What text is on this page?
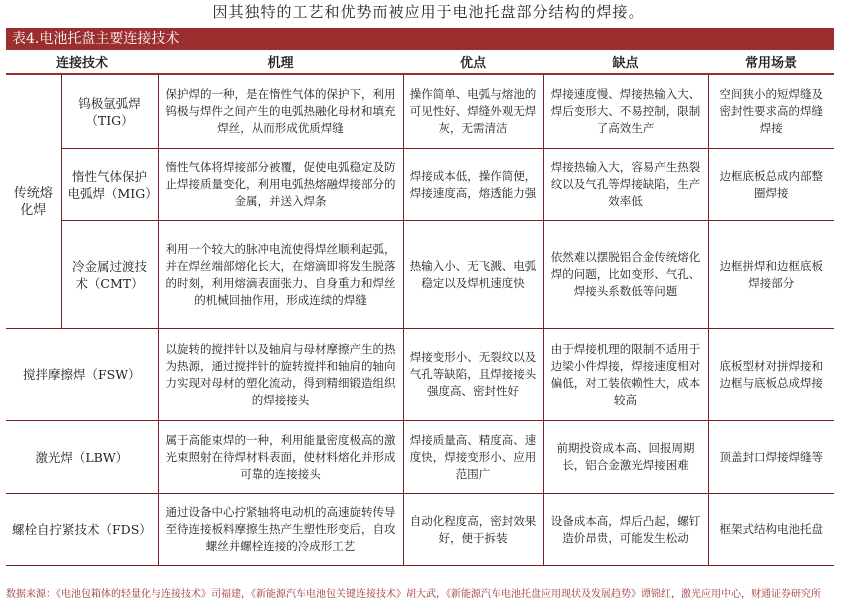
因其独特的工艺和优势而被应用于电池托盘部分结构的焊接。
表4.电池托盘主要连接技术
连接技术		机理	优点	缺点	常用场景
传统熔化焊	钨极氩弧焊（TIG）	保护焊的一种，是在惰性气体的保护下，利用钨极与焊件之间产生的电弧热融化母材和填充焊丝，从而形成优质焊缝	操作简单、电弧与熔池的可见性好、焊缝外观无焊灰，无需清洁	焊接速度慢、焊接热输入大、焊后变形大、不易控制，限制了高效生产	空间狭小的短焊缝及密封性要求高的焊缝焊接
	惰性气体保护电弧焊（MIG）	惰性气体将焊接部分被覆，促使电弧稳定及防止焊接质量变化，利用电弧热熔融焊接部分的金属，并送入焊条	焊接成本低，操作简便，焊接速度高，熔透能力强	焊接热输入大，容易产生热裂纹以及气孔等焊接缺陷，生产效率低	边框底板总成内部整圈焊接
	冷金属过渡技术（CMT）	利用一个较大的脉冲电流使得焊丝顺利起弧，并在焊丝端部熔化长大，在熔滴即将发生脱落的时刻，利用熔滴表面张力、自身重力和焊丝的机械回抽作用，形成连续的焊缝	热输入小、无飞溅、电弧稳定以及焊机速度快	依然难以摆脱铝合金传统熔化焊的问题，比如变形、气孔、焊接头系数低等问题	边框拼焊和边框底板焊接部分
搅拌摩擦焊（FSW）		以旋转的搅拌针以及轴肩与母材摩擦产生的热为热源，通过搅拌针的旋转搅拌和轴肩的轴向力实现对母材的塑化流动，得到精细锻造组织的焊接接头	焊接变形小、无裂纹以及气孔等缺陷，且焊接接头强度高、密封性好	由于焊接机理的限制不适用于边梁小件焊接，焊接速度相对偏低，对工装依赖性大，成本较高	底板型材对拼焊接和边框与底板总成焊接
激光焊（LBW）		属于高能束焊的一种，利用能量密度极高的激光束照射在待焊材料表面，使材料熔化并形成可靠的连接接头	焊接质量高、精度高、速度快，焊接变形小、应用范围广	前期投资成本高、回报周期长，铝合金激光焊接困难	顶盖封口焊接焊缝等
螺栓自拧紧技术（FDS）		通过设备中心拧紧轴将电动机的高速旋转传导至待连接板料摩擦生热产生塑性形变后，自攻螺丝并螺栓连接的冷成形工艺	自动化程度高，密封效果好，便于拆装	设备成本高，焊后凸起，螺钉造价昂贵，可能发生松动	框架式结构电池托盘
数据来源：《电池包箱体的轻量化与连接技术》司福建，《新能源汽车电池包关键连接技术》胡大武，《新能源汽车电池托盘应用现状及发展趋势》谭锦红，激光应用中心，财通证券研究所
